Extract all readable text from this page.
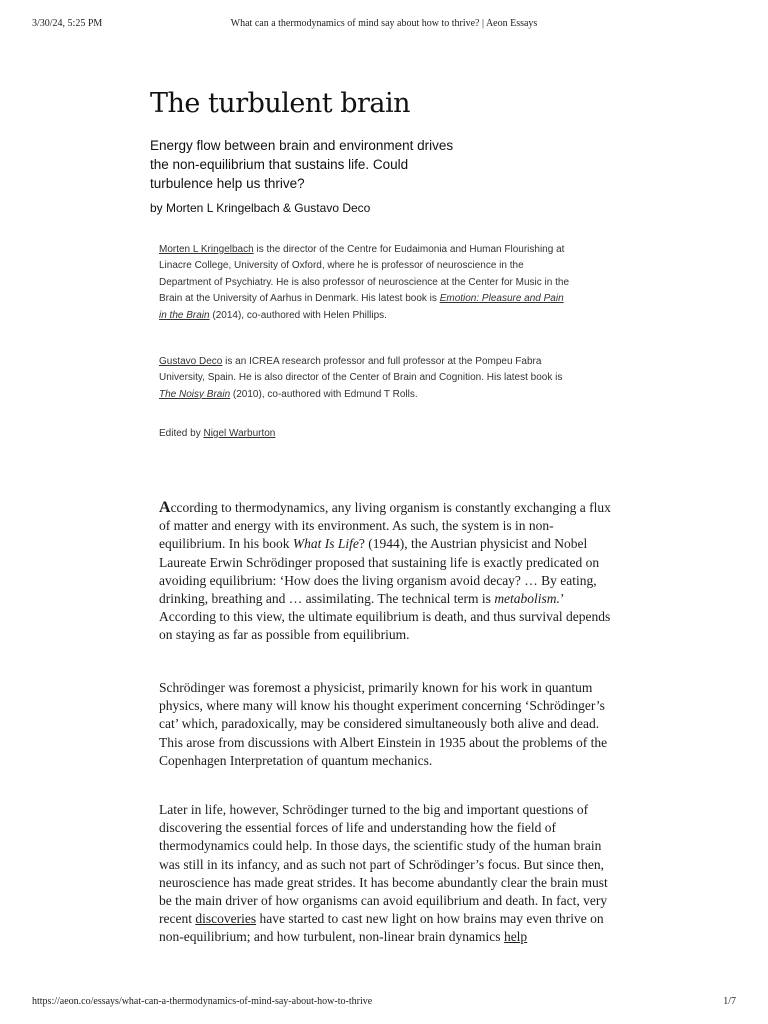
3/30/24, 5:25 PM	What can a thermodynamics of mind say about how to thrive? | Aeon Essays
The turbulent brain

Energy flow between brain and environment drives the non-equilibrium that sustains life. Could turbulence help us thrive?

by Morten L Kringelbach & Gustavo Deco

Morten L Kringelbach is the director of the Centre for Eudaimonia and Human Flourishing at Linacre College, University of Oxford, where he is professor of neuroscience in the Department of Psychiatry. He is also professor of neuroscience at the Center for Music in the Brain at the University of Aarhus in Denmark. His latest book is Emotion: Pleasure and Pain in the Brain (2014), co-authored with Helen Phillips.

Gustavo Deco is an ICREA research professor and full professor at the Pompeu Fabra University, Spain. He is also director of the Center of Brain and Cognition. His latest book is The Noisy Brain (2010), co-authored with Edmund T Rolls.

Edited by Nigel Warburton

According to thermodynamics, any living organism is constantly exchanging a flux of matter and energy with its environment. As such, the system is in non-equilibrium. In his book What Is Life? (1944), the Austrian physicist and Nobel Laureate Erwin Schrödinger proposed that sustaining life is exactly predicated on avoiding equilibrium: ‘How does the living organism avoid decay? … By eating, drinking, breathing and … assimilating. The technical term is metabolism.’ According to this view, the ultimate equilibrium is death, and thus survival depends on staying as far as possible from equilibrium.

Schrödinger was foremost a physicist, primarily known for his work in quantum physics, where many will know his thought experiment concerning ‘Schrödinger’s cat’ which, paradoxically, may be considered simultaneously both alive and dead. This arose from discussions with Albert Einstein in 1935 about the problems of the Copenhagen Interpretation of quantum mechanics.

Later in life, however, Schrödinger turned to the big and important questions of discovering the essential forces of life and understanding how the field of thermodynamics could help. In those days, the scientific study of the human brain was still in its infancy, and as such not part of Schrödinger’s focus. But since then, neuroscience has made great strides. It has become abundantly clear the brain must be the main driver of how organisms can avoid equilibrium and death. In fact, very recent discoveries have started to cast new light on how brains may even thrive on non-equilibrium; and how turbulent, non-linear brain dynamics help

https://aeon.co/essays/what-can-a-thermodynamics-of-mind-say-about-how-to-thrive	1/7
